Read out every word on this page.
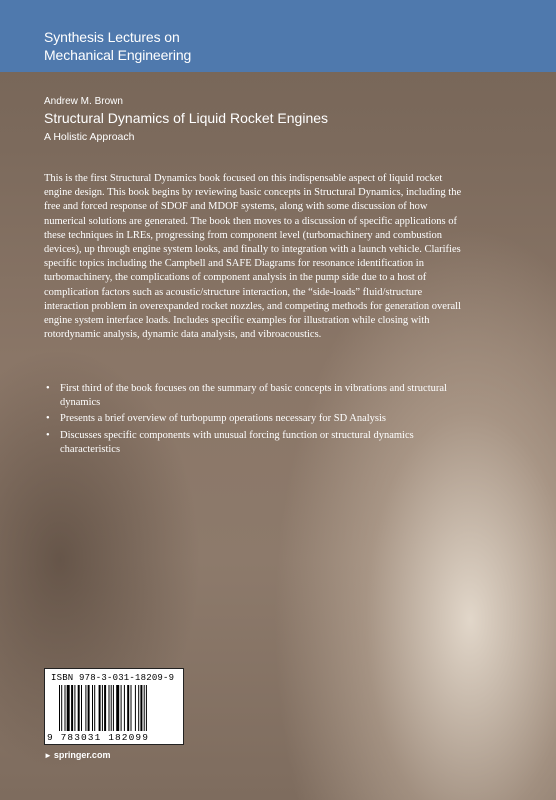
Synthesis Lectures on
Mechanical Engineering
Andrew M. Brown
Structural Dynamics of Liquid Rocket Engines
A Holistic Approach

This is the first Structural Dynamics book focused on this indispensable aspect of liquid rocket engine design. This book begins by reviewing basic concepts in Structural Dynamics, including the free and forced response of SDOF and MDOF systems, along with some discussion of how numerical solutions are generated. The book then moves to a discussion of specific applications of these techniques in LREs, progressing from component level (turbomachinery and combustion devices), up through engine system looks, and finally to integration with a launch vehicle. Clarifies specific topics including the Campbell and SAFE Diagrams for resonance identification in turbomachinery, the complications of component analysis in the pump side due to a host of complication factors such as acoustic/structure interaction, the “side-loads” fluid/structure interaction problem in overexpanded rocket nozzles, and competing methods for generation overall engine system interface loads. Includes specific examples for illustration while closing with rotordynamic analysis, dynamic data analysis, and vibroacoustics.

• First third of the book focuses on the summary of basic concepts in vibrations and structural dynamics
• Presents a brief overview of turbopump operations necessary for SD Analysis
• Discusses specific components with unusual forcing function or structural dynamics characteristics
ISBN 978-3-031-18209-9
9 783031 182099
► springer.com
